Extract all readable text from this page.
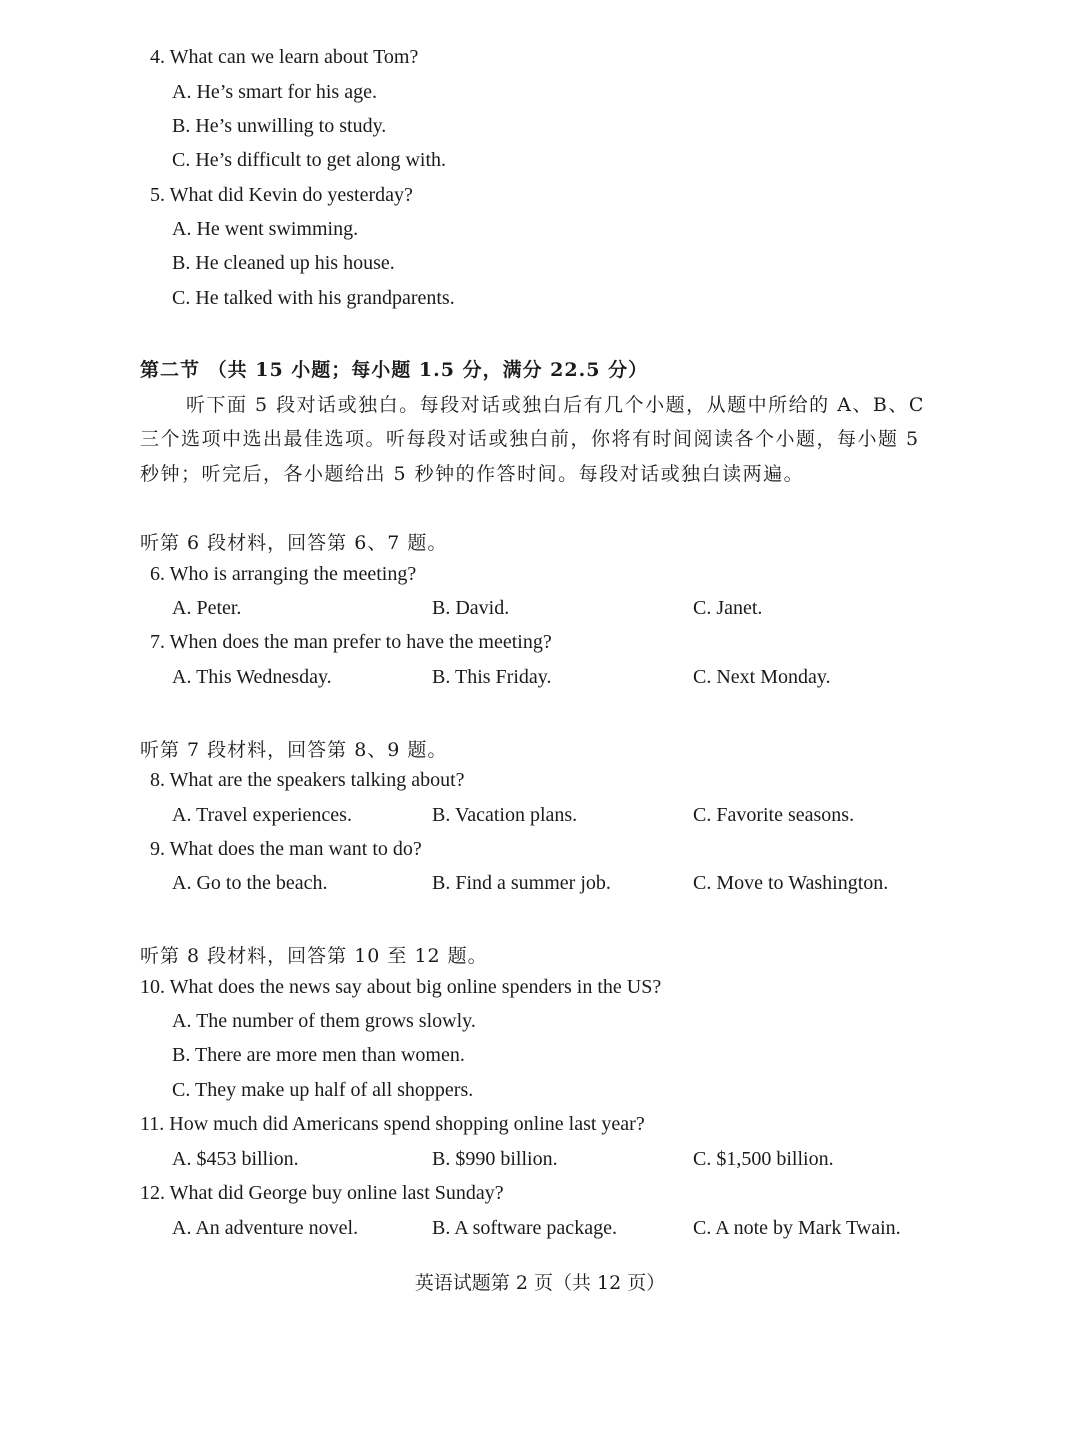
4. What can we learn about Tom?
A. He’s smart for his age.
B. He’s unwilling to study.
C. He’s difficult to get along with.
5. What did Kevin do yesterday?
A. He went swimming.
B. He cleaned up his house.
C. He talked with his grandparents.
第二节 （共 15 小题；每小题 1.5 分，满分 22.5 分）
听下面 5 段对话或独白。每段对话或独白后有几个小题，从题中所给的 A、B、C
三个选项中选出最佳选项。听每段对话或独白前，你将有时间阅读各个小题，每小题 5
秒钟；听完后，各小题给出 5 秒钟的作答时间。每段对话或独白读两遍。
听第 6 段材料，回答第 6、7 题。
6. Who is arranging the meeting?
A. Peter.	B. David.	C. Janet.
7. When does the man prefer to have the meeting?
A. This Wednesday.	B. This Friday.	C. Next Monday.
听第 7 段材料，回答第 8、9 题。
8. What are the speakers talking about?
A. Travel experiences.	B. Vacation plans.	C. Favorite seasons.
9. What does the man want to do?
A. Go to the beach.	B. Find a summer job.	C. Move to Washington.
听第 8 段材料，回答第 10 至 12 题。
10. What does the news say about big online spenders in the US?
A. The number of them grows slowly.
B. There are more men than women.
C. They make up half of all shoppers.
11. How much did Americans spend shopping online last year?
A. $453 billion.	B. $990 billion.	C. $1,500 billion.
12. What did George buy online last Sunday?
A. An adventure novel.	B. A software package.	C. A note by Mark Twain.
英语试题第 2 页（共 12 页）
